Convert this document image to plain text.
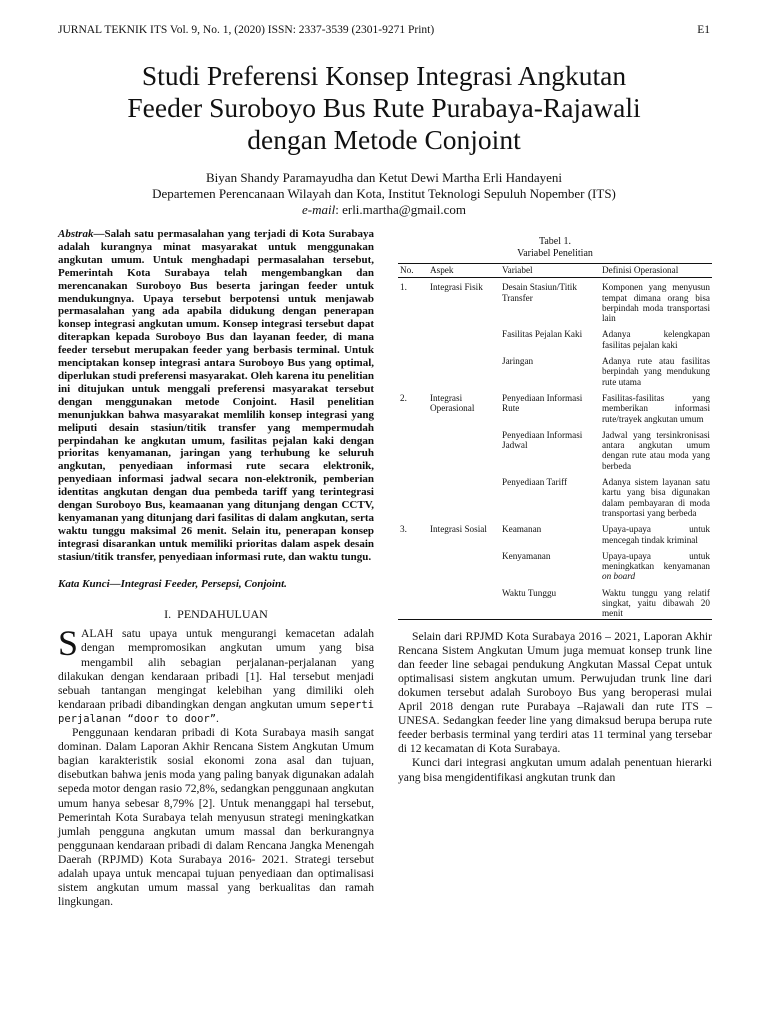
JURNAL TEKNIK ITS Vol. 9, No. 1, (2020) ISSN: 2337-3539 (2301-9271 Print)	E1
Studi Preferensi Konsep Integrasi Angkutan
Feeder Suroboyo Bus Rute Purabaya-Rajawali
dengan Metode Conjoint
Biyan Shandy Paramayudha dan Ketut Dewi Martha Erli Handayeni
Departemen Perencanaan Wilayah dan Kota, Institut Teknologi Sepuluh Nopember (ITS)
e-mail: erli.martha@gmail.com
Abstrak—Salah satu permasalahan yang terjadi di Kota Surabaya adalah kurangnya minat masyarakat untuk menggunakan angkutan umum. Untuk menghadapi permasalahan tersebut, Pemerintah Kota Surabaya telah mengembangkan dan merencanakan Suroboyo Bus beserta jaringan feeder untuk mendukungnya. Upaya tersebut berpotensi untuk menjawab permasalahan yang ada apabila didukung dengan penerapan konsep integrasi angkutan umum. Konsep integrasi tersebut dapat diterapkan kepada Suroboyo Bus dan layanan feeder, di mana feeder tersebut merupakan feeder yang berbasis terminal. Untuk menciptakan konsep integrasi antara Suroboyo Bus yang optimal, diperlukan studi preferensi masyarakat. Oleh karena itu penelitian ini ditujukan untuk menggali preferensi masyarakat tersebut dengan menggunakan metode Conjoint. Hasil penelitian menunjukkan bahwa masyarakat memlilih konsep integrasi yang meliputi desain stasiun/titik transfer yang mempermudah perpindahan ke angkutan umum, fasilitas pejalan kaki dengan prioritas kenyamanan, jaringan yang terhubung ke seluruh angkutan, penyediaan informasi rute secara elektronik, penyediaan informasi jadwal secara non-elektronik, pemberian identitas angkutan dengan dua pembeda tariff yang terintegrasi dengan Suroboyo Bus, keamaanan yang ditunjang dengan CCTV, kenyamanan yang ditunjang dari fasilitas di dalam angkutan, serta waktu tunggu maksimal 26 menit. Selain itu, penerapan konsep integrasi disarankan untuk memiliki prioritas dalam aspek desain stasiun/titik transfer, penyediaan informasi rute, dan waktu tungu.
Kata Kunci—Integrasi Feeder, Persepsi, Conjoint.
I.  PENDAHULUAN

SALAH satu upaya untuk mengurangi kemacetan adalah dengan mempromosikan angkutan umum yang bisa mengambil alih sebagian perjalanan-perjalanan yang dilakukan dengan kendaraan pribadi [1]. Hal tersebut menjadi sebuah tantangan mengingat kelebihan yang dimiliki oleh kendaraan pribadi dibandingkan dengan angkutan umum seperti perjalanan “door to door”.

Penggunaan kendaran pribadi di Kota Surabaya masih sangat dominan. Dalam Laporan Akhir Rencana Sistem Angkutan Umum bagian karakteristik sosial ekonomi zona asal dan tujuan, disebutkan bahwa jenis moda yang paling banyak digunakan adalah sepeda motor dengan rasio 72,8%, sedangkan penggunaan angkutan umum hanya sebesar 8,79% [2]. Untuk menanggapi hal tersebut, Pemerintah Kota Surabaya telah menyusun strategi meningkatkan jumlah pengguna angkutan umum massal dan berkurangnya penggunaan kendaraan pribadi di dalam Rencana Jangka Menengah Daerah (RPJMD) Kota Surabaya 2016- 2021. Strategi tersebut adalah upaya untuk mencapai tujuan penyediaan dan optimalisasi sistem angkutan umum massal yang berkualitas dan ramah lingkungan.

Tabel 1.
Variabel Penelitian
No.	Aspek	Variabel	Definisi Operasional
1.	Integrasi Fisik	Desain Stasiun/Titik Transfer	Komponen yang menyusun tempat dimana orang bisa berpindah moda transportasi lain
		Fasilitas Pejalan Kaki	Adanya kelengkapan fasilitas pejalan kaki
		Jaringan	Adanya rute atau fasilitas berpindah yang mendukung rute utama
2.	Integrasi Operasional	Penyediaan Informasi Rute	Fasilitas-fasilitas yang memberikan informasi rute/trayek angkutan umum
		Penyediaan Informasi Jadwal	Jadwal yang tersinkronisasi antara angkutan umum dengan rute atau moda yang berbeda
		Penyediaan Tariff	Adanya sistem layanan satu kartu yang bisa digunakan dalam pembayaran di moda transportasi yang berbeda
3.	Integrasi Sosial	Keamanan	Upaya-upaya untuk mencegah tindak kriminal
		Kenyamanan	Upaya-upaya untuk meningkatkan kenyamanan on board
		Waktu Tunggu	Waktu tunggu yang relatif singkat, yaitu dibawah 20 menit

Selain dari RPJMD Kota Surabaya 2016 – 2021, Laporan Akhir Rencana Sistem Angkutan Umum juga memuat konsep trunk line dan feeder line sebagai pendukung Angkutan Massal Cepat untuk optimalisasi sistem angkutan umum. Perwujudan trunk line dari dokumen tersebut adalah Suroboyo Bus yang beroperasi mulai April 2018 dengan rute Purabaya –Rajawali dan rute ITS – UNESA. Sedangkan feeder line yang dimaksud berupa berupa rute feeder berbasis terminal yang terdiri atas 11 terminal yang tersebar di 12 kecamatan di Kota Surabaya.

Kunci dari integrasi angkutan umum adalah penentuan hierarki yang bisa mengidentifikasi angkutan trunk dan
